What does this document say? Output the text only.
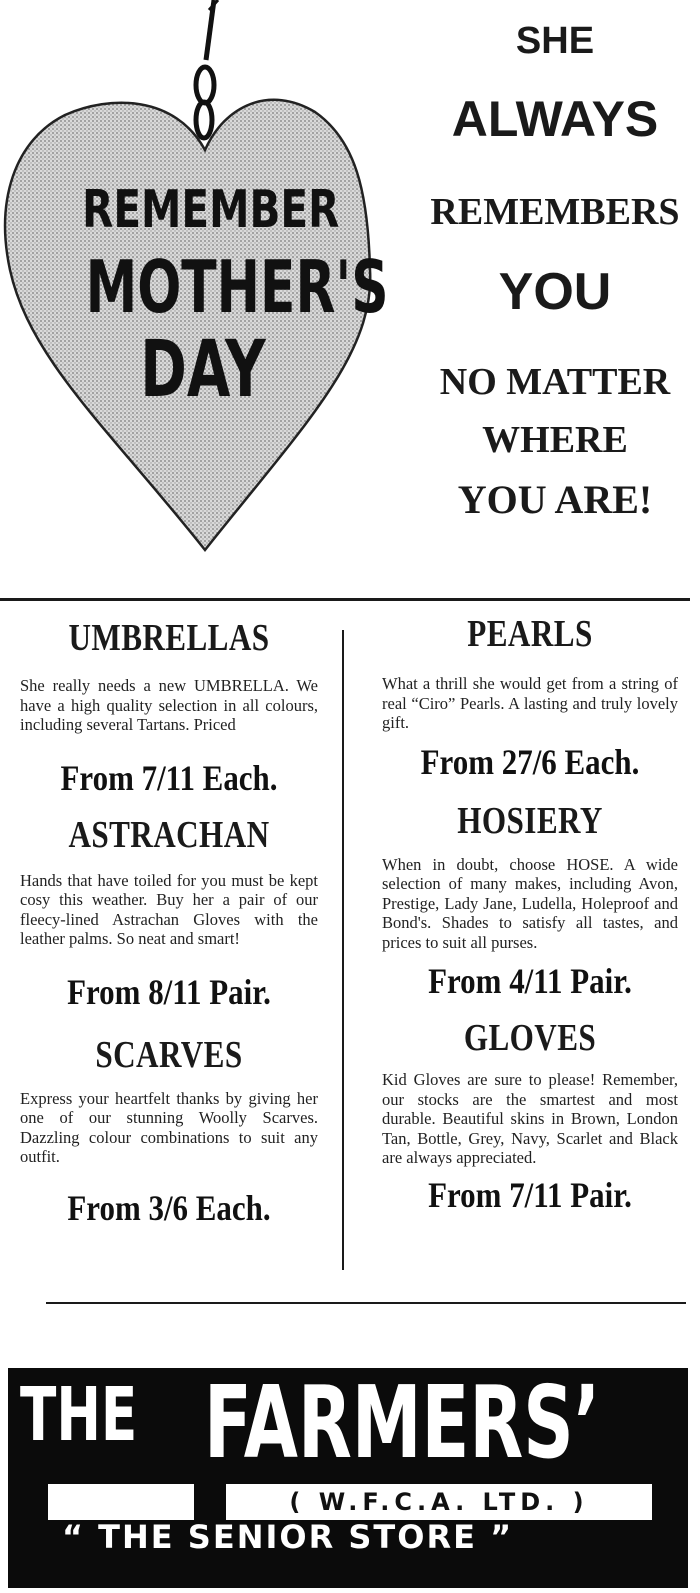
REMEMBER
MOTHER'S
DAY
SHE
ALWAYS
REMEMBERS
YOU
NO MATTER
WHERE
YOU ARE!
UMBRELLAS
She really needs a new UMBRELLA. We have a high quality selection in all colours, including several Tartans. Priced
From 7/11 Each.
ASTRACHAN
Hands that have toiled for you must be kept cosy this weather. Buy her a pair of our fleecy-lined Astrachan Gloves with the leather palms. So neat and smart!
From 8/11 Pair.
SCARVES
Express your heartfelt thanks by giving her one of our stunning Woolly Scarves. Dazzling colour combinations to suit any outfit.
From 3/6 Each.
PEARLS
What a thrill she would get from a string of real “Ciro” Pearls. A lasting and truly lovely gift.
From 27/6 Each.
HOSIERY
When in doubt, choose HOSE. A wide selection of many makes, including Avon, Prestige, Lady Jane, Ludella, Holeproof and Bond's. Shades to satisfy all tastes, and prices to suit all purses.
From 4/11 Pair.
GLOVES
Kid Gloves are sure to please! Remember, our stocks are the smartest and most durable. Beautiful skins in Brown, London Tan, Bottle, Grey, Navy, Scarlet and Black are always appreciated.
From 7/11 Pair.
THE FARMERS’
( W.F.C.A. LTD. )
“ THE SENIOR STORE ”
